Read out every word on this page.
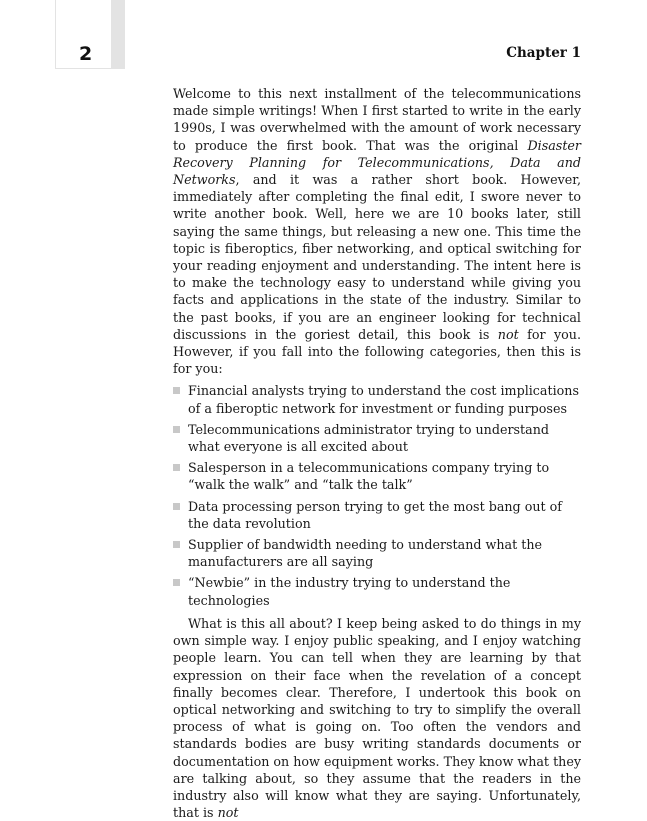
2	Chapter 1

Welcome to this next installment of the telecommunications made simple writings! When I first started to write in the early 1990s, I was overwhelmed with the amount of work necessary to produce the first book. That was the original Disaster Recovery Planning for Telecommunications, Data and Networks, and it was a rather short book. However, immediately after completing the final edit, I swore never to write another book. Well, here we are 10 books later, still saying the same things, but releasing a new one. This time the topic is fiberoptics, fiber networking, and optical switching for your reading enjoyment and understanding. The intent here is to make the technology easy to understand while giving you facts and applications in the state of the industry. Similar to the past books, if you are an engineer looking for technical discussions in the goriest detail, this book is not for you. However, if you fall into the following categories, then this is for you:

Financial analysts trying to understand the cost implications of a fiberoptic network for investment or funding purposes
Telecommunications administrator trying to understand what everyone is all excited about
Salesperson in a telecommunications company trying to “walk the walk” and “talk the talk”
Data processing person trying to get the most bang out of the data revolution
Supplier of bandwidth needing to understand what the manufacturers are all saying
“Newbie” in the industry trying to understand the technologies

What is this all about? I keep being asked to do things in my own simple way. I enjoy public speaking, and I enjoy watching people learn. You can tell when they are learning by that expression on their face when the revelation of a concept finally becomes clear. Therefore, I undertook this book on optical networking and switching to try to simplify the overall process of what is going on. Too often the vendors and standards bodies are busy writing standards documents or documentation on how equipment works. They know what they are talking about, so they assume that the readers in the industry also will know what they are saying. Unfortunately, that is not
